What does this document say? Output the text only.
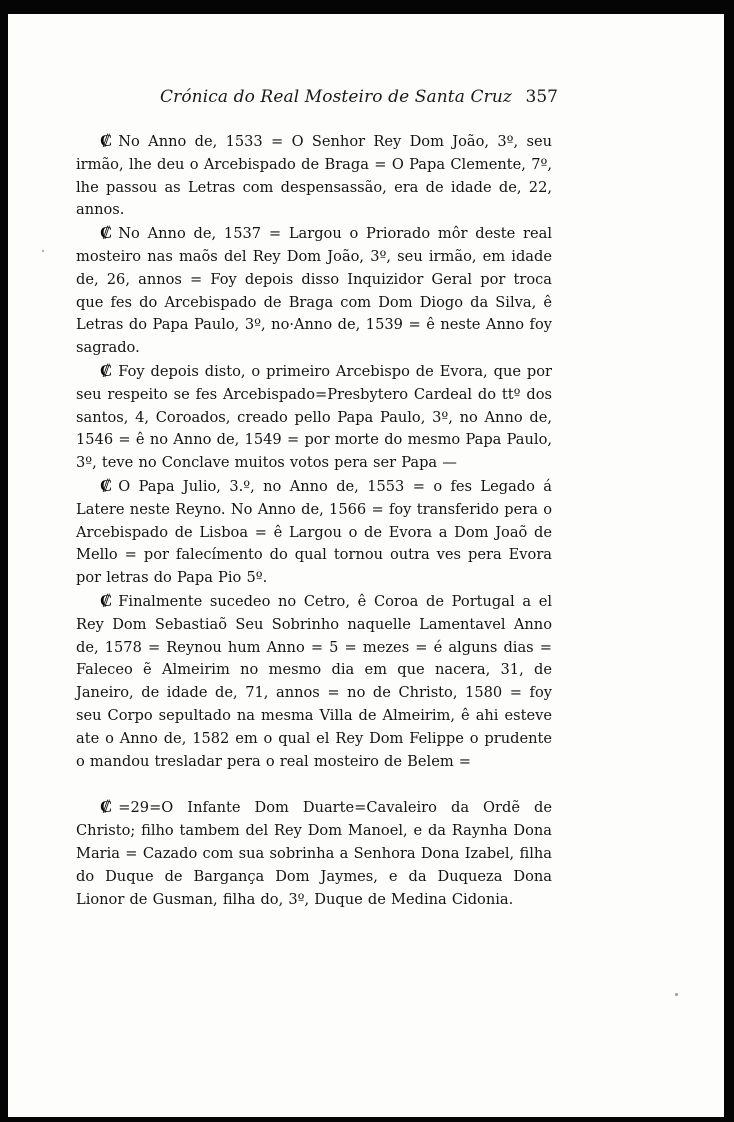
Crónica do Real Mosteiro de Santa Cruz 357

₡ No Anno de, 1533 = O Senhor Rey Dom João, 3º, seu irmão, lhe deu o Arcebispado de Braga = O Papa Clemente, 7º, lhe passou as Letras com despensassão, era de idade de, 22, annos.

₡ No Anno de, 1537 = Largou o Priorado môr deste real mosteiro nas maõs del Rey Dom João, 3º, seu irmão, em idade de, 26, annos = Foy depois disso Inquizidor Geral por troca que fes do Arcebispado de Braga com Dom Diogo da Silva, ê Letras do Papa Paulo, 3º, no·Anno de, 1539 = ê neste Anno foy sagrado.

₡ Foy depois disto, o primeiro Arcebispo de Evora, que por seu respeito se fes Arcebispado=Presbytero Cardeal do ttº dos santos, 4, Coroados, creado pello Papa Paulo, 3º, no Anno de, 1546 = ê no Anno de, 1549 = por morte do mesmo Papa Paulo, 3º, teve no Conclave muitos votos pera ser Papa —

₡ O Papa Julio, 3.º, no Anno de, 1553 = o fes Legado á Latere neste Reyno. No Anno de, 1566 = foy transferido pera o Arcebispado de Lisboa = ê Largou o de Evora a Dom Joaõ de Mello = por falecímento do qual tornou outra ves pera Evora por letras do Papa Pio 5º.

₡ Finalmente sucedeo no Cetro, ê Coroa de Portugal a el Rey Dom Sebastiaõ Seu Sobrinho naquelle Lamentavel Anno de, 1578 = Reynou hum Anno = 5 = mezes = é alguns dias = Faleceo ẽ Almeirim no mesmo dia em que nacera, 31, de Janeiro, de idade de, 71, annos = no de Christo, 1580 = foy seu Corpo sepultado na mesma Villa de Almeirim, ê ahi esteve ate o Anno de, 1582 em o qual el Rey Dom Felippe o prudente o mandou tresladar pera o real mosteiro de Belem =

₡ =29=O Infante Dom Duarte=Cavaleiro da Ordẽ de Christo; filho tambem del Rey Dom Manoel, e da Raynha Dona Maria = Cazado com sua sobrinha a Senhora Dona Izabel, filha do Duque de Bargança Dom Jaymes, e da Duqueza Dona Lionor de Gusman, filha do, 3º, Duque de Medina Cidonia.
